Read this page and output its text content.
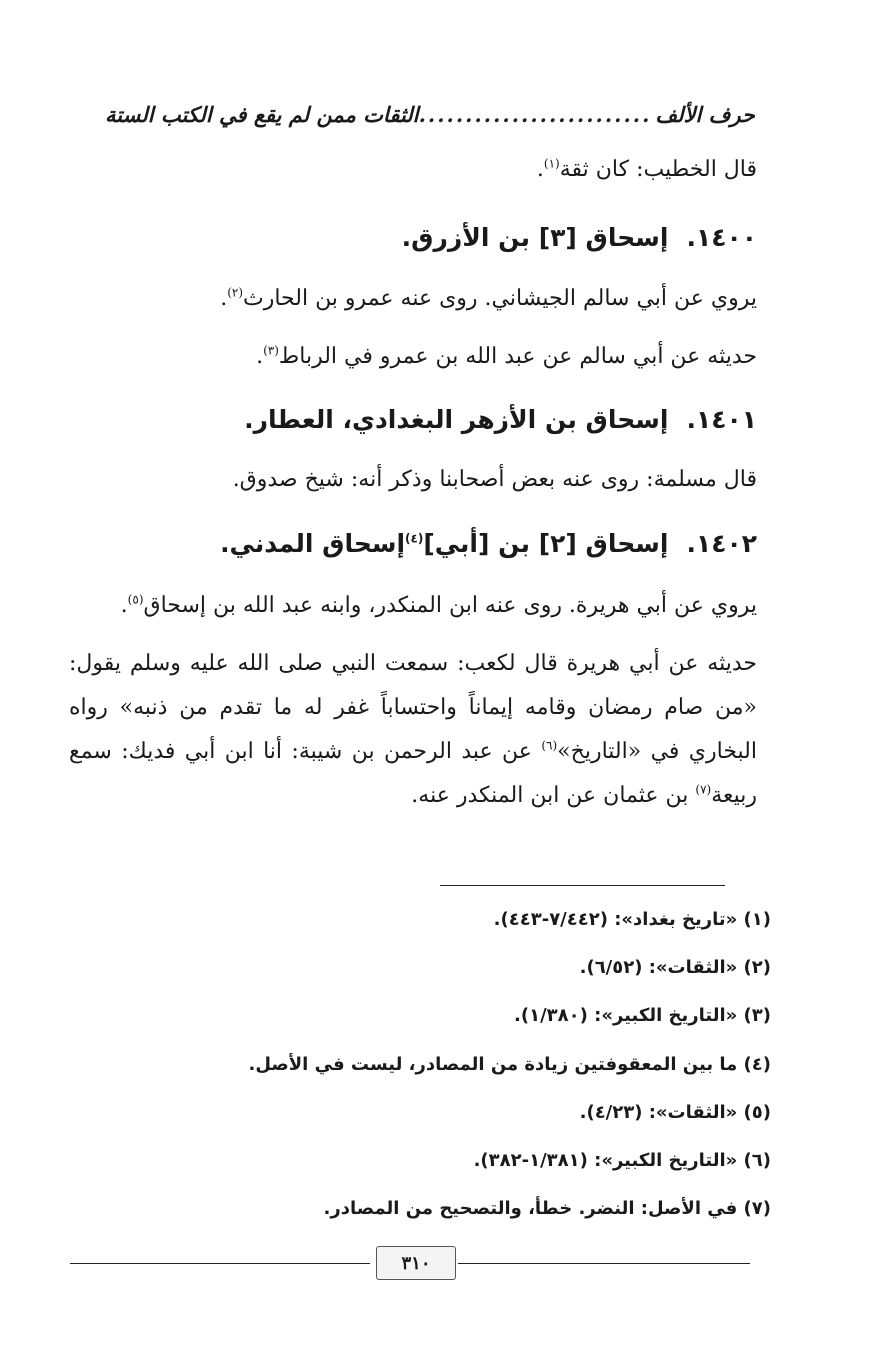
حرف الألف
.....
الثقات ممن لم يقع في الكتب الستة
قال الخطيب: كان ثقة$^{(١)}$.
١٤٠٠.إسحاق [٣] بن الأزرق.
يروي عن أبي سالم الجيشاني. روى عنه عمرو بن الحارث$^{(٢)}$.
حديثه عن أبي سالم عن عبد الله بن عمرو في الرباط$^{(٣)}$.
١٤٠١.إسحاق بن الأزهر البغدادي، العطار.
قال مسلمة: روى عنه بعض أصحابنا وذكر أنه: شيخ صدوق.
١٤٠٢.إسحاق [٢] بن [أبي]$^{(٤)}$إسحاق المدني.
يروي عن أبي هريرة. روى عنه ابن المنكدر، وابنه عبد الله بن إسحاق$^{(٥)}$.
حديثه عن أبي هريرة قال لكعب: سمعت النبي صلى الله عليه وسلم يقول: «من صام رمضان وقامه إيماناً واحتساباً غفر له ما تقدم من ذنبه» رواه البخاري في «التاريخ»$^{(٦)}$ عن عبد الرحمن بن شيبة: أنا ابن أبي فديك: سمع ربيعة$^{(٧)}$ بن عثمان عن ابن المنكدر عنه.
(١) «تاريخ بغداد»: (٧/٤٤٢-٤٤٣).
(٢) «الثقات»: (٦/٥٢).
(٣) «التاريخ الكبير»: (١/٣٨٠).
(٤) ما بين المعقوفتين زيادة من المصادر، ليست في الأصل.
(٥) «الثقات»: (٤/٢٣).
(٦) «التاريخ الكبير»: (١/٣٨١-٣٨٢).
(٧) في الأصل: النضر. خطأ، والتصحيح من المصادر.
٣١٠
